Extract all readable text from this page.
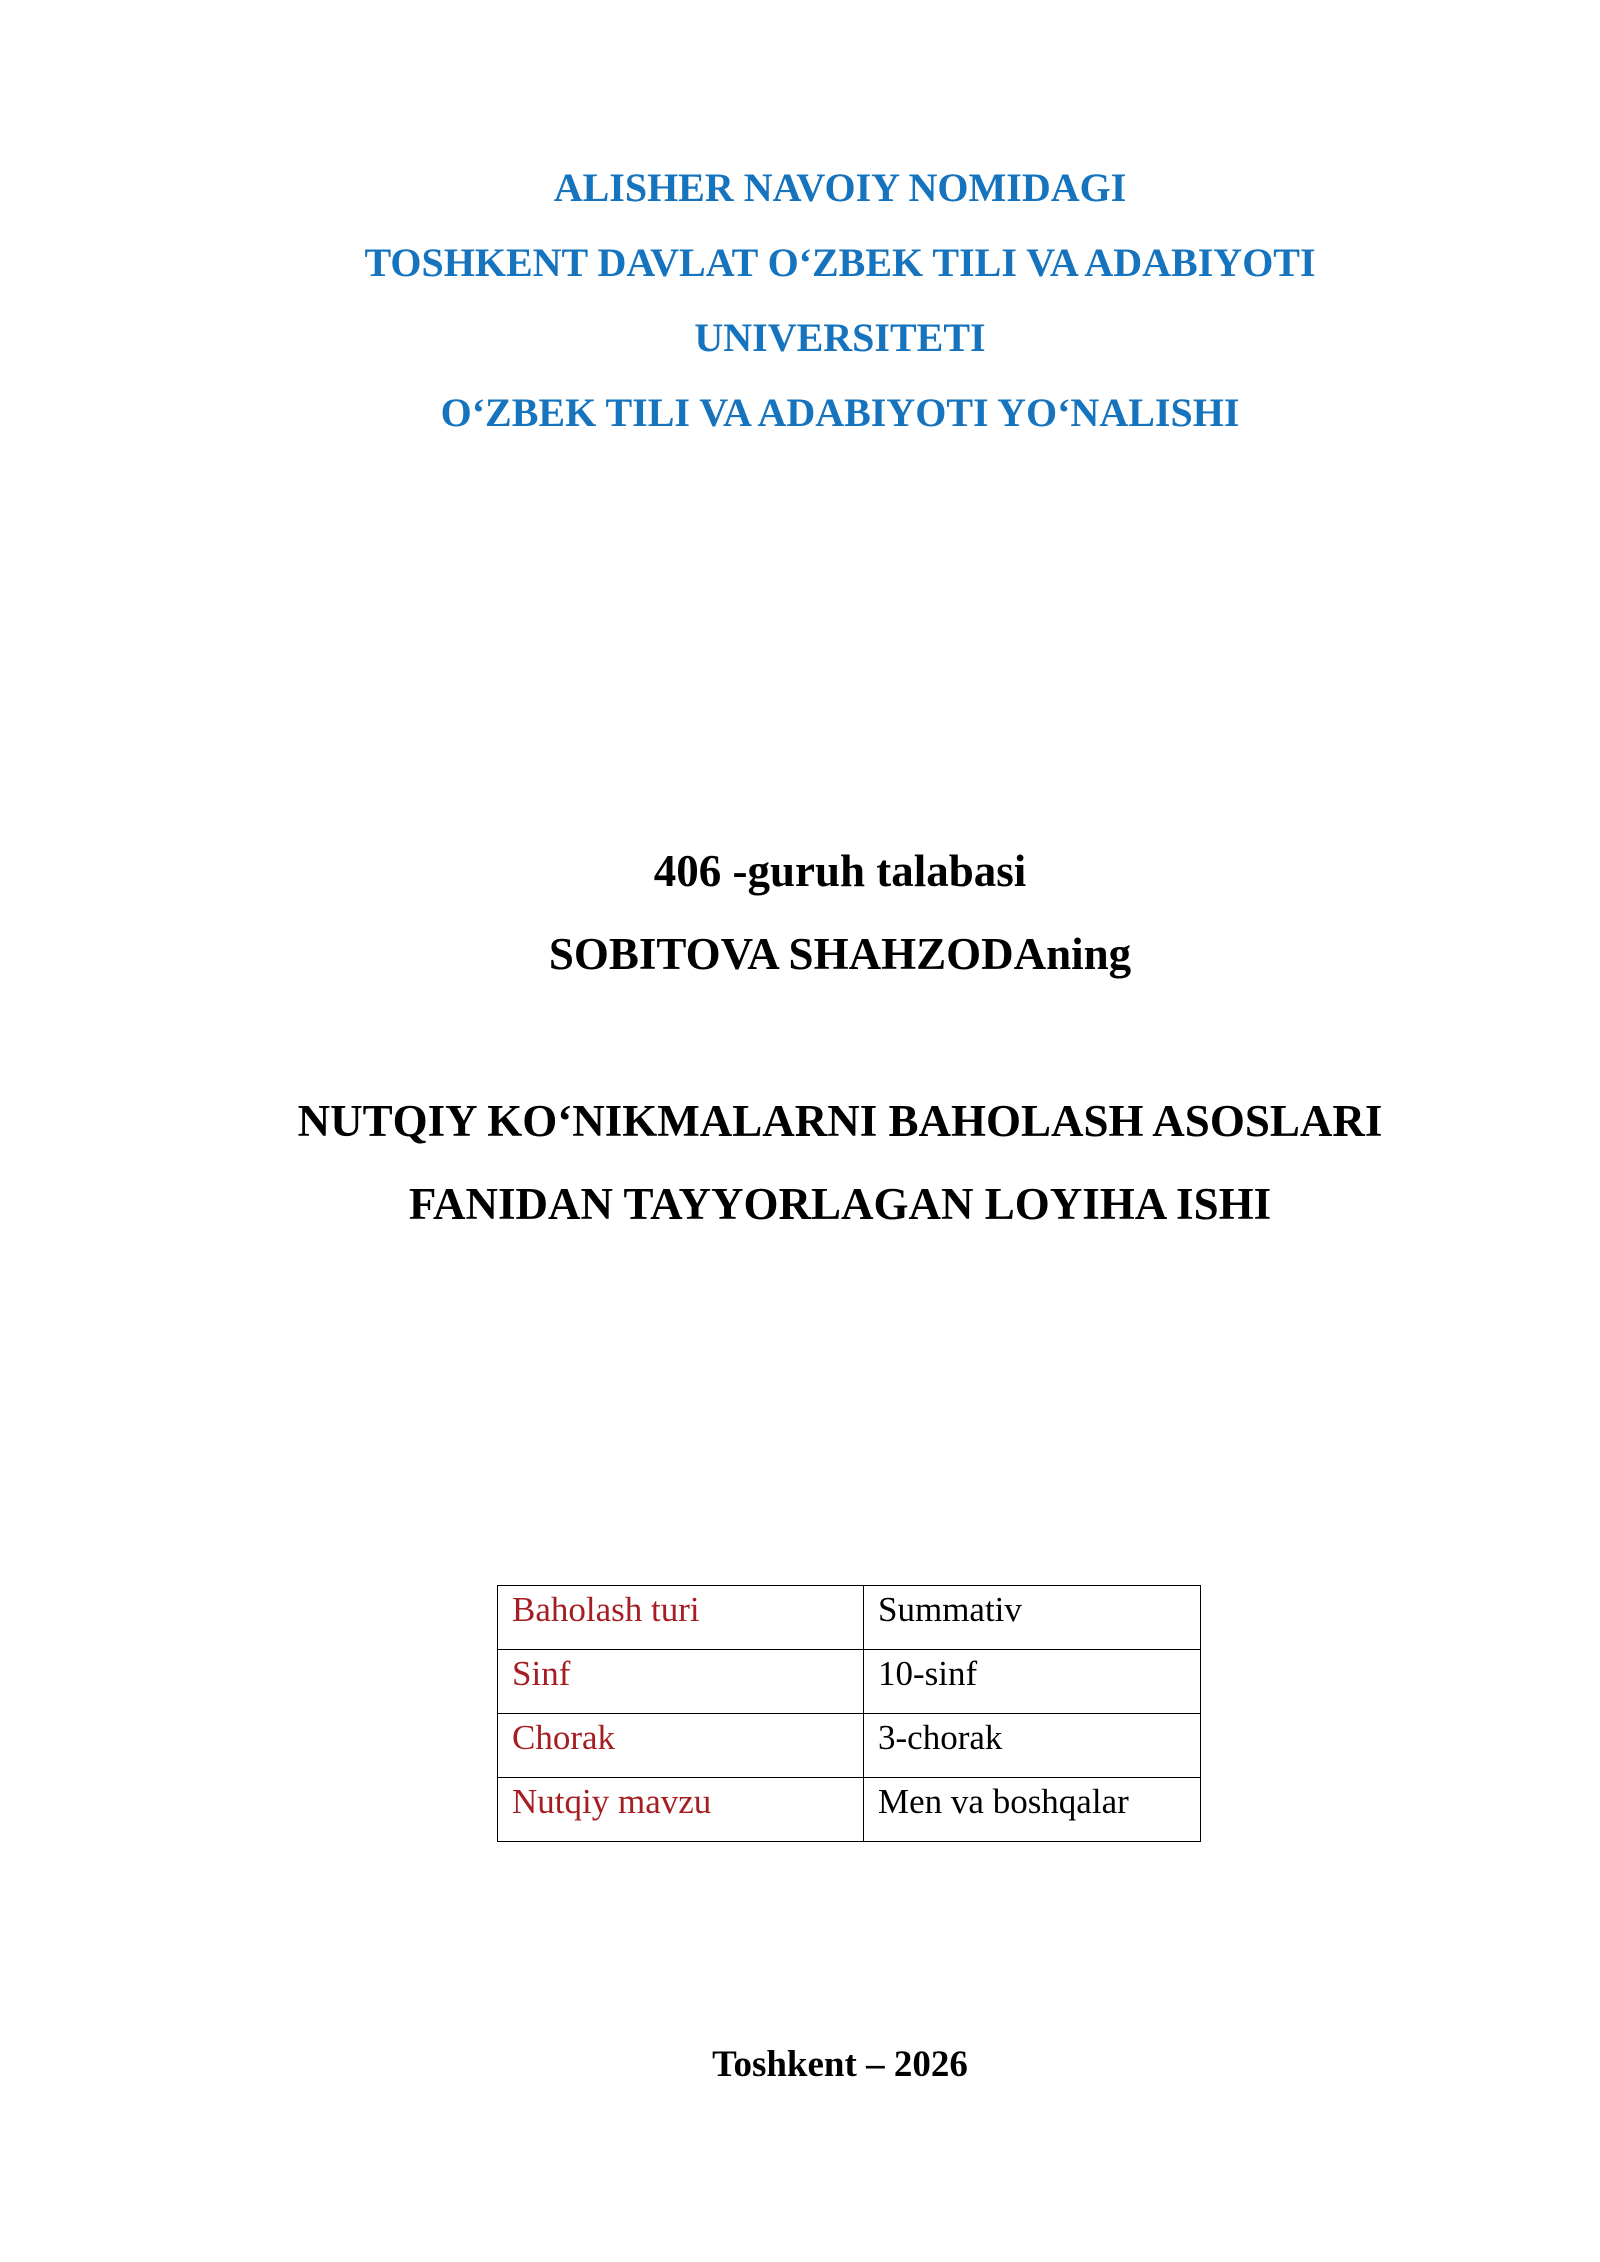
ALISHER NAVOIY NOMIDAGI
TOSHKENT DAVLAT O‘ZBEK TILI VA ADABIYOTI
UNIVERSITETI
O‘ZBEK TILI VA ADABIYOTI YO‘NALISHI
406 -guruh talabasi
SOBITOVA SHAHZODAning
NUTQIY KO‘NIKMALARNI BAHOLASH ASOSLARI
FANIDAN TAYYORLAGAN LOYIHA ISHI
Baholash turi	Summativ
Sinf	10-sinf
Chorak	3-chorak
Nutqiy mavzu	Men va boshqalar
Toshkent – 2026
